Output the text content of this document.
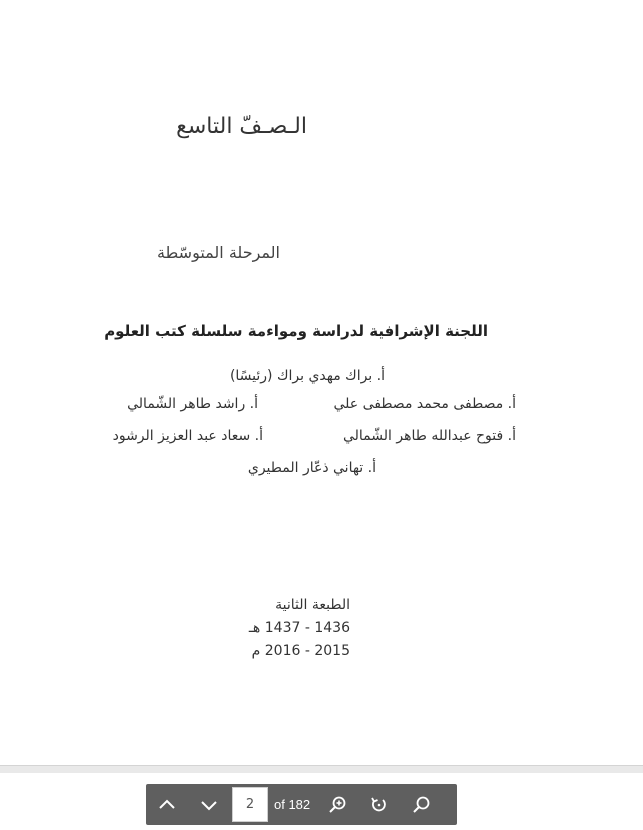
الـصـفّ التاسع
المرحلة المتوسّطة
اللجنة الإشرافية لدراسة ومواءمة سلسلة كتب العلوم
أ. براك مهدي براك (رئيسًا)
أ. مصطفى محمد مصطفى علي
أ. راشد طاهر الشّمالي
أ. فتوح عبدالله طاهر الشّمالي
أ. سعاد عبد العزيز الرشود
أ. تهاني ذعّار المطيري
الطبعة الثانية
1436 - 1437 هـ
2015 - 2016 م
2
of 182
